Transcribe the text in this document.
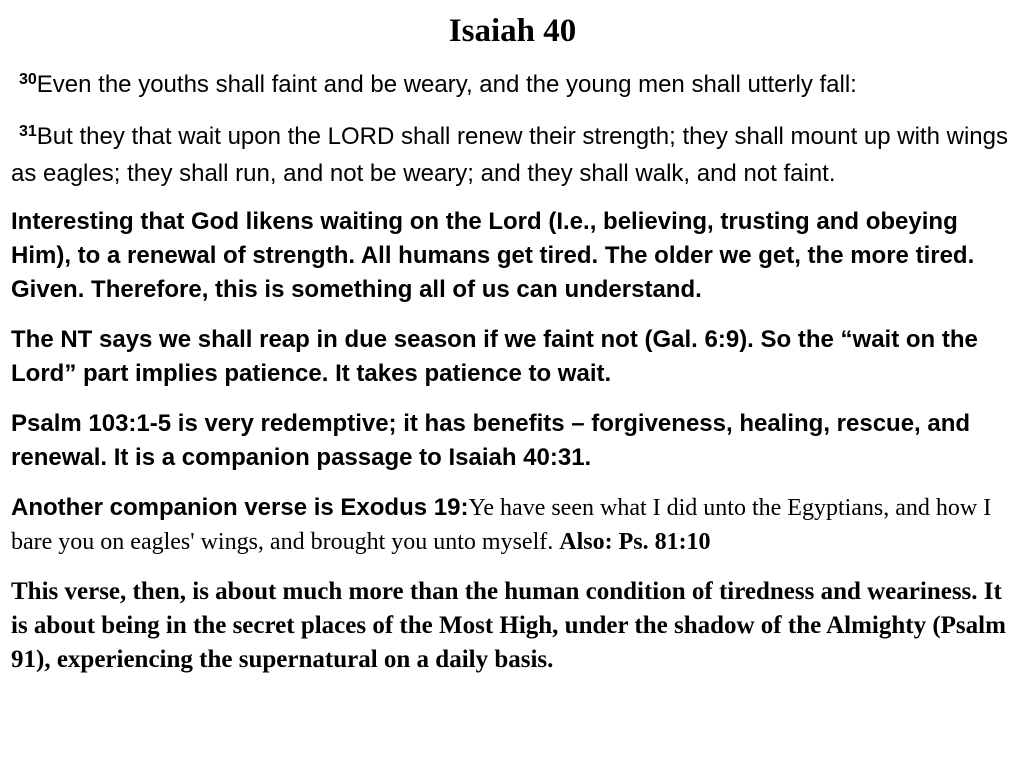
Isaiah 40

$^{30}$Even the youths shall faint and be weary, and the young men shall utterly fall:

$^{31}$But they that wait upon the LORD shall renew their strength; they shall mount up with wings as eagles; they shall run, and not be weary; and they shall walk, and not faint.

Interesting that God likens waiting on the Lord (I.e., believing, trusting and obeying Him), to a renewal of strength. All humans get tired. The older we get, the more tired. Given. Therefore, this is something all of us can understand.

The NT says we shall reap in due season if we faint not (Gal. 6:9). So the “wait on the Lord” part implies patience. It takes patience to wait.

Psalm 103:1-5 is very redemptive; it has benefits – forgiveness, healing, rescue, and renewal. It is a companion passage to Isaiah 40:31.

Another companion verse is Exodus 19:Ye have seen what I did unto the Egyptians, and how I bare you on eagles' wings, and brought you unto myself. Also: Ps. 81:10

This verse, then, is about much more than the human condition of tiredness and weariness. It is about being in the secret places of the Most High, under the shadow of the Almighty (Psalm 91), experiencing the supernatural on a daily basis.
